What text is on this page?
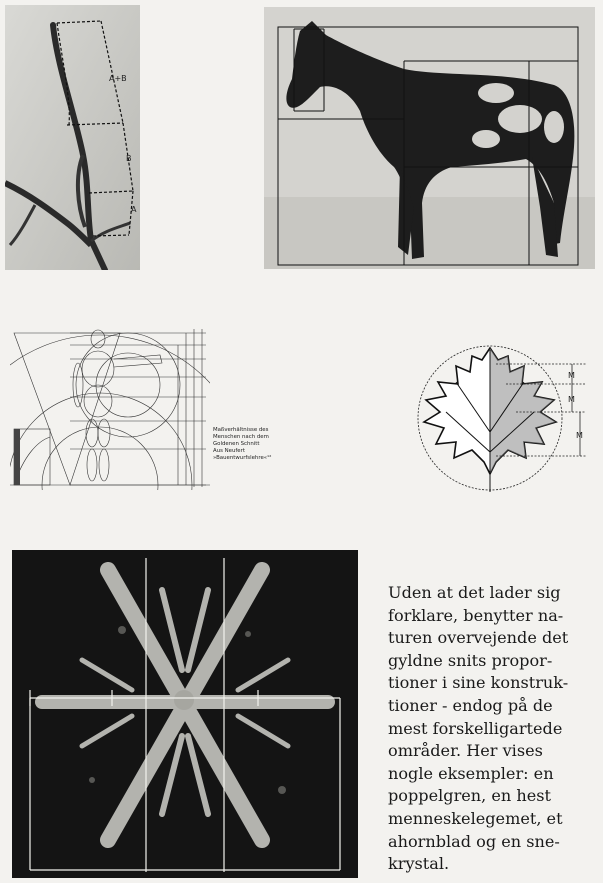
A+B
B
A
Maßverhältnisse des
Menschen nach dem
Goldenen Schnitt
Aus Neufert
»Bauentwurfslehre«¹²
M
M
M
Uden at det lader sig
forklare, benytter na-
turen overvejende det
gyldne snits propor-
tioner i sine konstruk-
tioner - endog på de
mest forskelligartede
områder. Her vises
nogle eksempler: en
poppelgren, en hest
menneskelegemet, et
ahornblad og en sne-
krystal.
